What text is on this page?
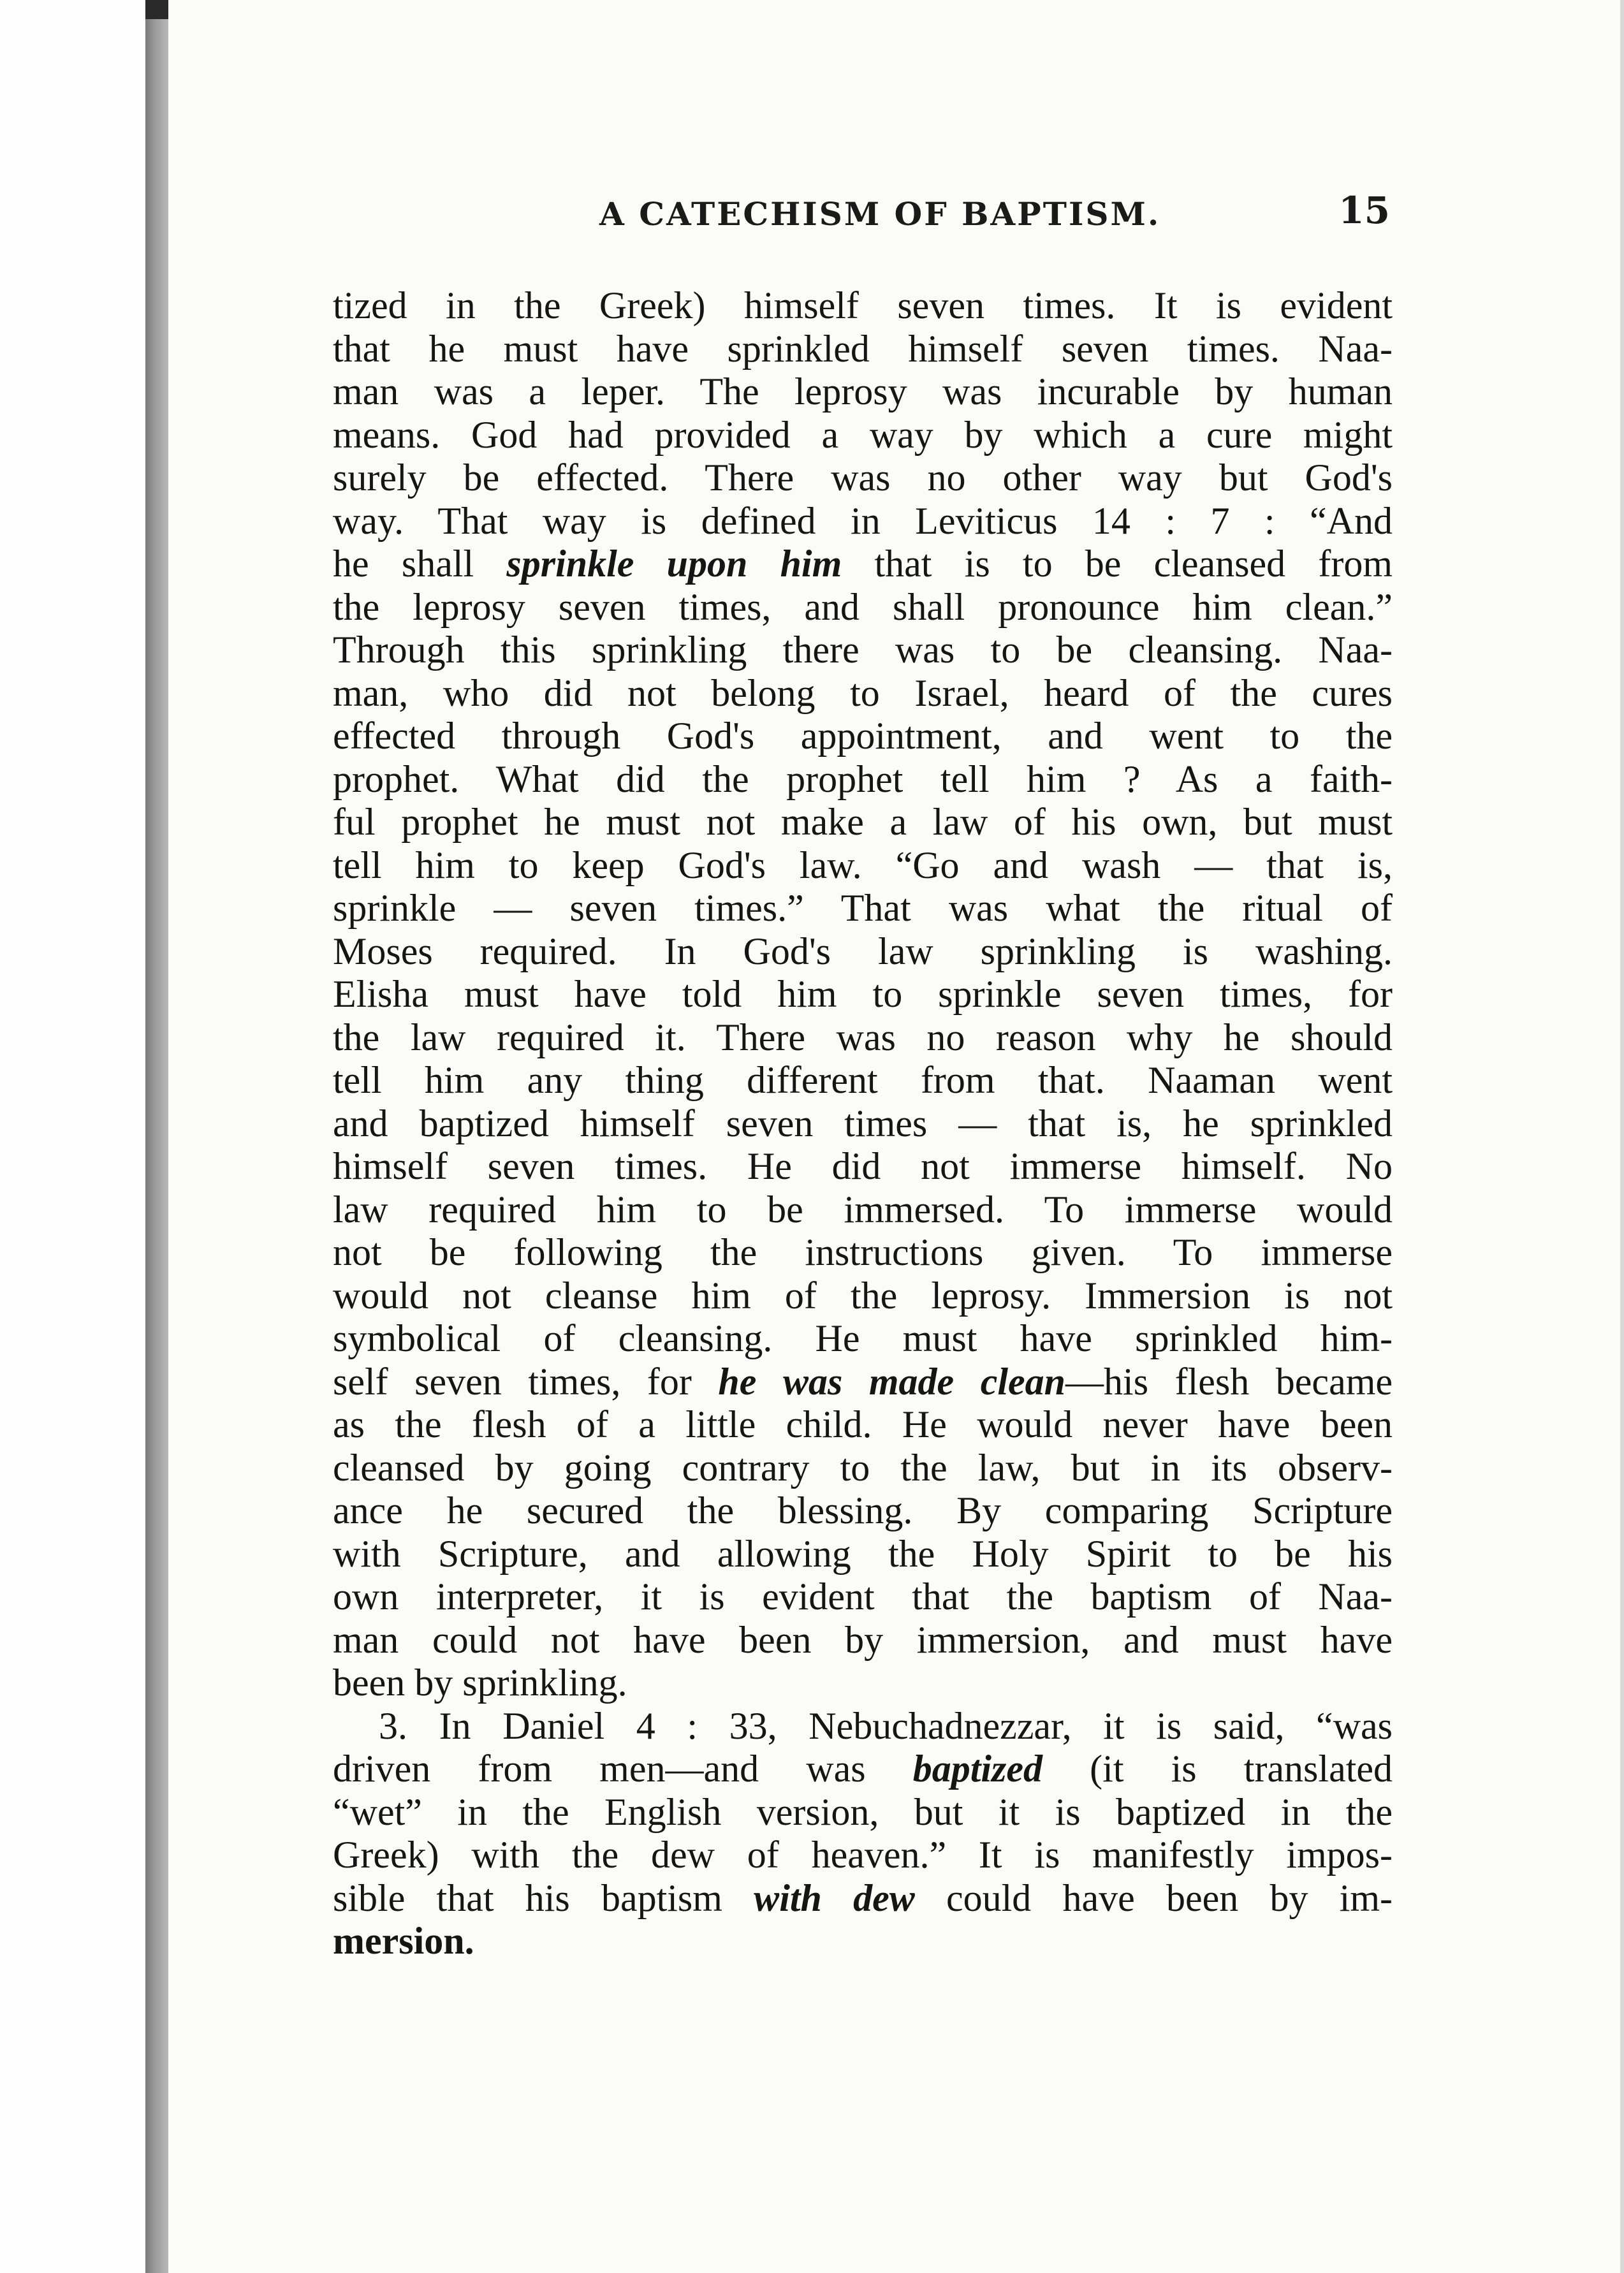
A CATECHISM OF BAPTISM.	15
tized in the Greek) himself seven times. It is evident
that he must have sprinkled himself seven times. Naa-
man was a leper. The leprosy was incurable by human
means. God had provided a way by which a cure might
surely be effected. There was no other way but God's
way. That way is defined in Leviticus 14 : 7 : “And
he shall sprinkle upon him that is to be cleansed from
the leprosy seven times, and shall pronounce him clean.”
Through this sprinkling there was to be cleansing. Naa-
man, who did not belong to Israel, heard of the cures
effected through God's appointment, and went to the
prophet. What did the prophet tell him ? As a faith-
ful prophet he must not make a law of his own, but must
tell him to keep God's law. “Go and wash — that is,
sprinkle — seven times.” That was what the ritual of
Moses required. In God's law sprinkling is washing.
Elisha must have told him to sprinkle seven times, for
the law required it. There was no reason why he should
tell him any thing different from that. Naaman went
and baptized himself seven times — that is, he sprinkled
himself seven times. He did not immerse himself. No
law required him to be immersed. To immerse would
not be following the instructions given. To immerse
would not cleanse him of the leprosy. Immersion is not
symbolical of cleansing. He must have sprinkled him-
self seven times, for he was made clean—his flesh became
as the flesh of a little child. He would never have been
cleansed by going contrary to the law, but in its observ-
ance he secured the blessing. By comparing Scripture
with Scripture, and allowing the Holy Spirit to be his
own interpreter, it is evident that the baptism of Naa-
man could not have been by immersion, and must have
been by sprinkling.
3. In Daniel 4 : 33, Nebuchadnezzar, it is said, “was
driven from men—and was baptized (it is translated
“wet” in the English version, but it is baptized in the
Greek) with the dew of heaven.” It is manifestly impos-
sible that his baptism with dew could have been by im-
mersion.
